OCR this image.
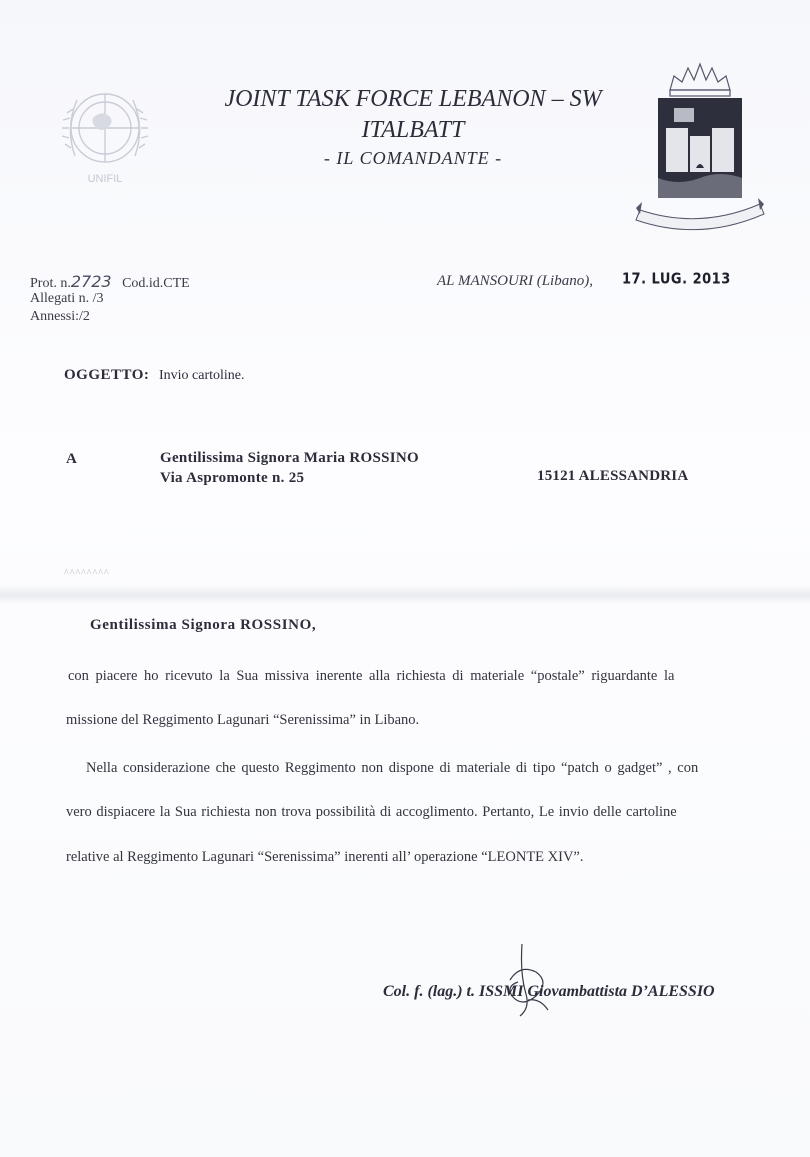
UNIFIL
JOINT TASK FORCE LEBANON – SW
ITALBATT
- IL COMANDANTE -
Prot. n.2723 Cod.id.CTE
Allegati n. /3
Annessi:/2
AL MANSOURI (Libano), 17. LUG. 2013
OGGETTO: Invio cartoline.
A	Gentilissima Signora Maria ROSSINO
Via Aspromonte n. 25	15121 ALESSANDRIA
^^^^^^^^
Gentilissima Signora ROSSINO,
con piacere ho ricevuto la Sua missiva inerente alla richiesta di materiale “postale” riguardante la
missione del Reggimento Lagunari “Serenissima” in Libano.
Nella considerazione che questo Reggimento non dispone di materiale di tipo “patch o gadget” , con
vero dispiacere la Sua richiesta non trova possibilità di accoglimento. Pertanto, Le invio delle cartoline
relative al Reggimento Lagunari “Serenissima” inerenti all’ operazione “LEONTE XIV”.
Col. f. (lag.) t. ISSMI Giovambattista D’ALESSIO
